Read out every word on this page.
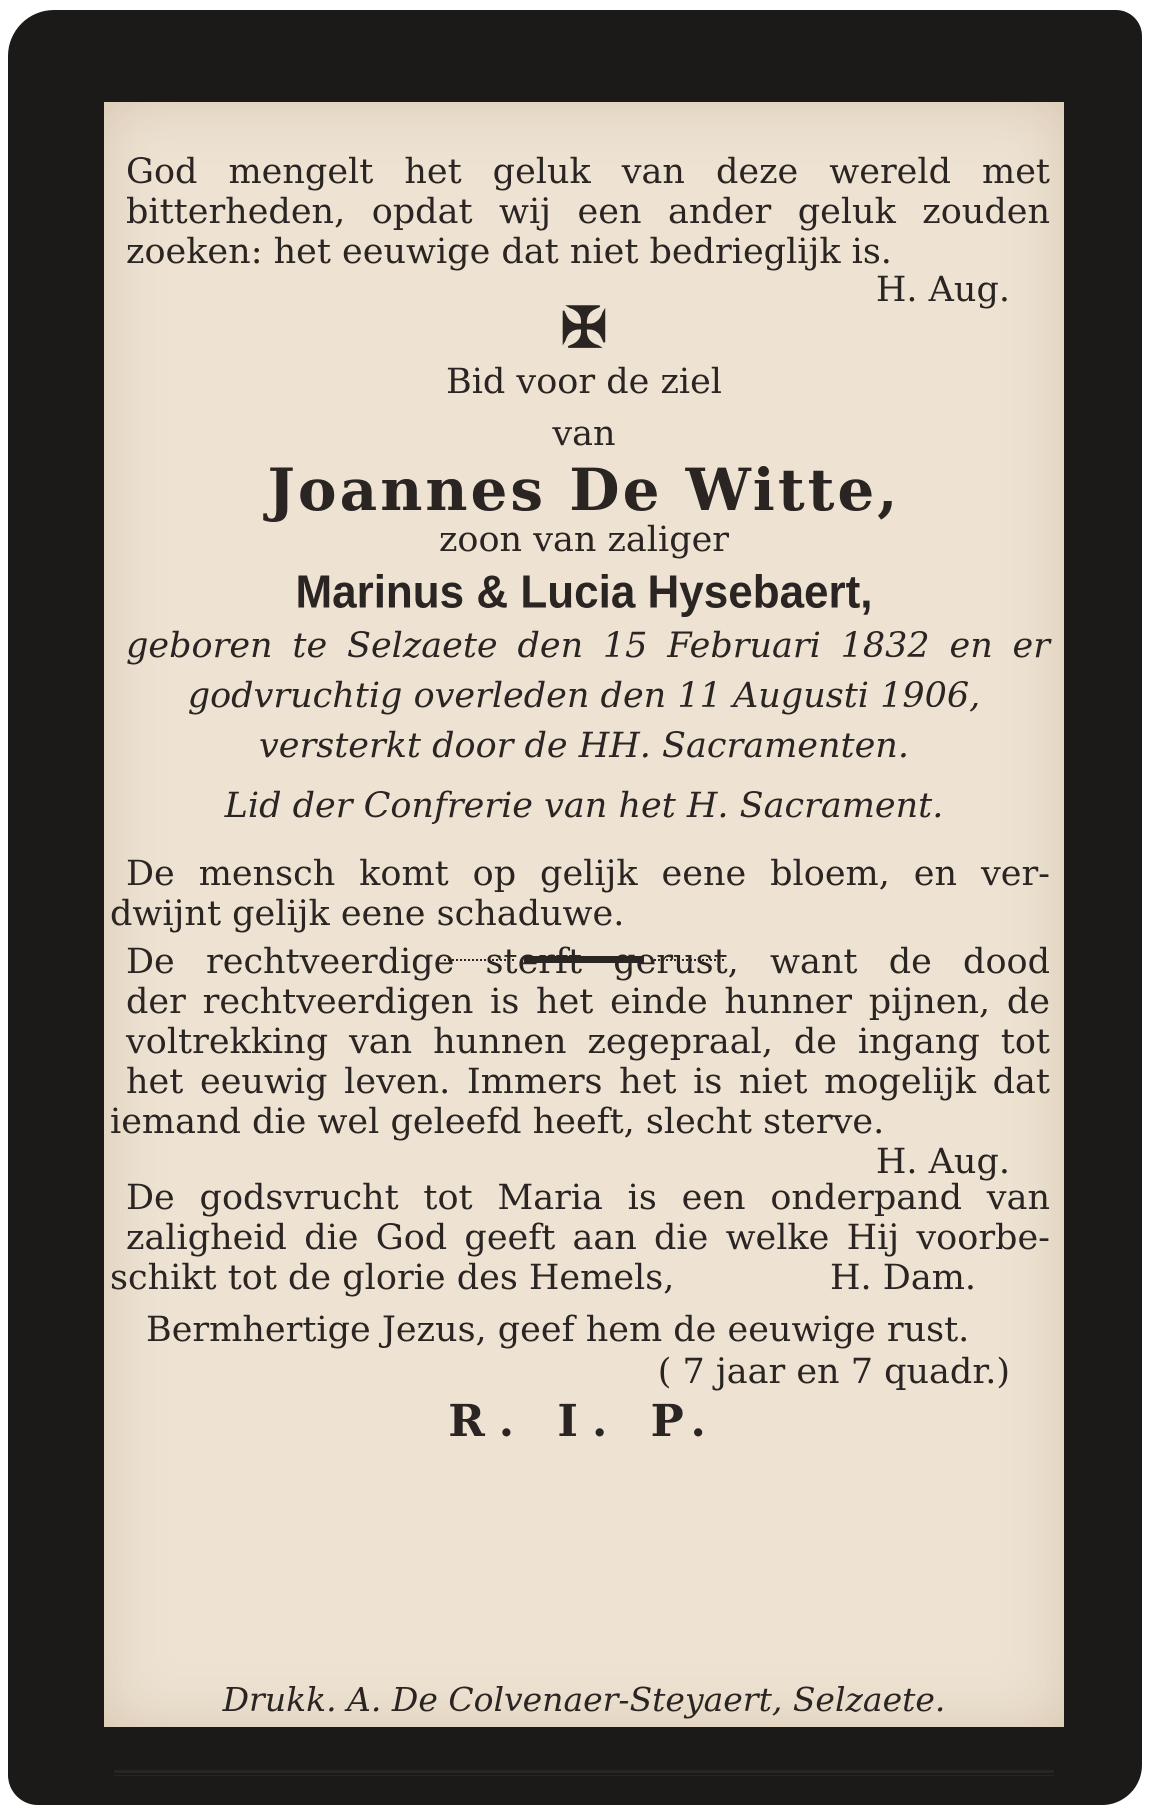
God mengelt het geluk van deze wereld met
bitterheden, opdat wij een ander geluk zouden
zoeken: het eeuwige dat niet bedrieglijk is.
H. Aug.
✠
Bid voor de ziel
van
Joannes De Witte,
zoon van zaliger
Marinus & Lucia Hysebaert,
geboren te Selzaete den 15 Februari 1832 en er
godvruchtig overleden den 11 Augusti 1906,
versterkt door de HH. Sacramenten.
Lid der Confrerie van het H. Sacrament.
De mensch komt op gelijk eene bloem, en ver-
dwijnt gelijk eene schaduwe.
De rechtveerdige sterft gerust, want de dood
der rechtveerdigen is het einde hunner pijnen, de
voltrekking van hunnen zegepraal, de ingang tot
het eeuwig leven. Immers het is niet mogelijk dat
iemand die wel geleefd heeft, slecht sterve.
H. Aug.
De godsvrucht tot Maria is een onderpand van
zaligheid die God geeft aan die welke Hij voorbe-
schikt tot de glorie des Hemels,	H. Dam.
Bermhertige Jezus, geef hem de eeuwige rust.
( 7 jaar en 7 quadr.)
R. I. P.
Drukk. A. De Colvenaer-Steyaert, Selzaete.
